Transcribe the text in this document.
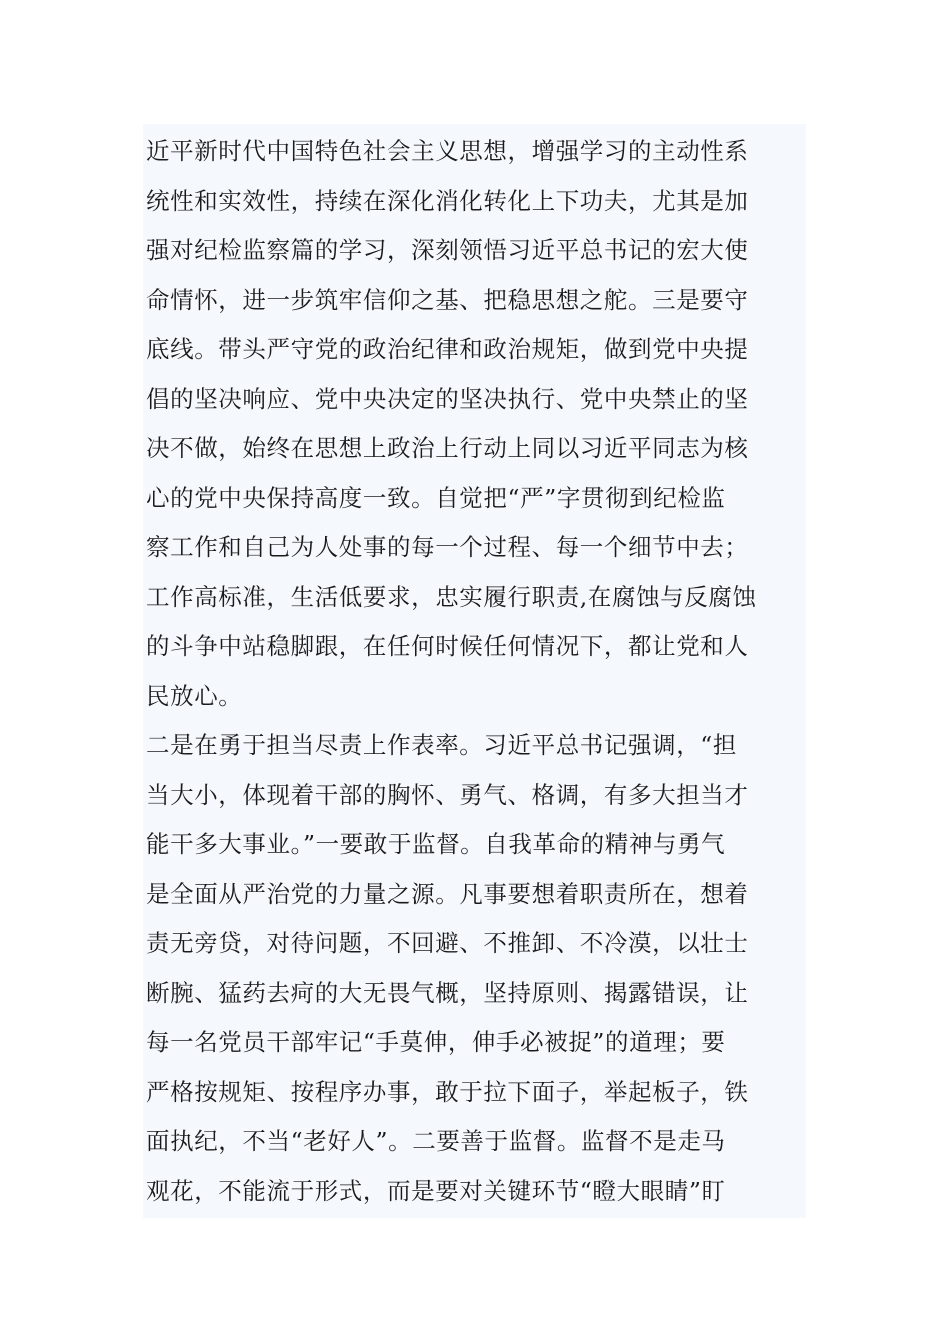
近平新时代中国特色社会主义思想，增强学习的主动性系
统性和实效性，持续在深化消化转化上下功夫，尤其是加
强对纪检监察篇的学习，深刻领悟习近平总书记的宏大使
命情怀，进一步筑牢信仰之基、把稳思想之舵。三是要守
底线。带头严守党的政治纪律和政治规矩，做到党中央提
倡的坚决响应、党中央决定的坚决执行、党中央禁止的坚
决不做，始终在思想上政治上行动上同以习近平同志为核
心的党中央保持高度一致。自觉把“严”字贯彻到纪检监
察工作和自己为人处事的每一个过程、每一个细节中去；
工作高标准，生活低要求，忠实履行职责,在腐蚀与反腐蚀
的斗争中站稳脚跟，在任何时候任何情况下，都让党和人
民放心。
二是在勇于担当尽责上作表率。习近平总书记强调，“担
当大小，体现着干部的胸怀、勇气、格调，有多大担当才
能干多大事业。”一要敢于监督。自我革命的精神与勇气
是全面从严治党的力量之源。凡事要想着职责所在，想着
责无旁贷，对待问题，不回避、不推卸、不冷漠，以壮士
断腕、猛药去疴的大无畏气概，坚持原则、揭露错误，让
每一名党员干部牢记“手莫伸，伸手必被捉”的道理；要
严格按规矩、按程序办事，敢于拉下面子，举起板子，铁
面执纪，不当“老好人”。二要善于监督。监督不是走马
观花，不能流于形式，而是要对关键环节“瞪大眼睛”盯
